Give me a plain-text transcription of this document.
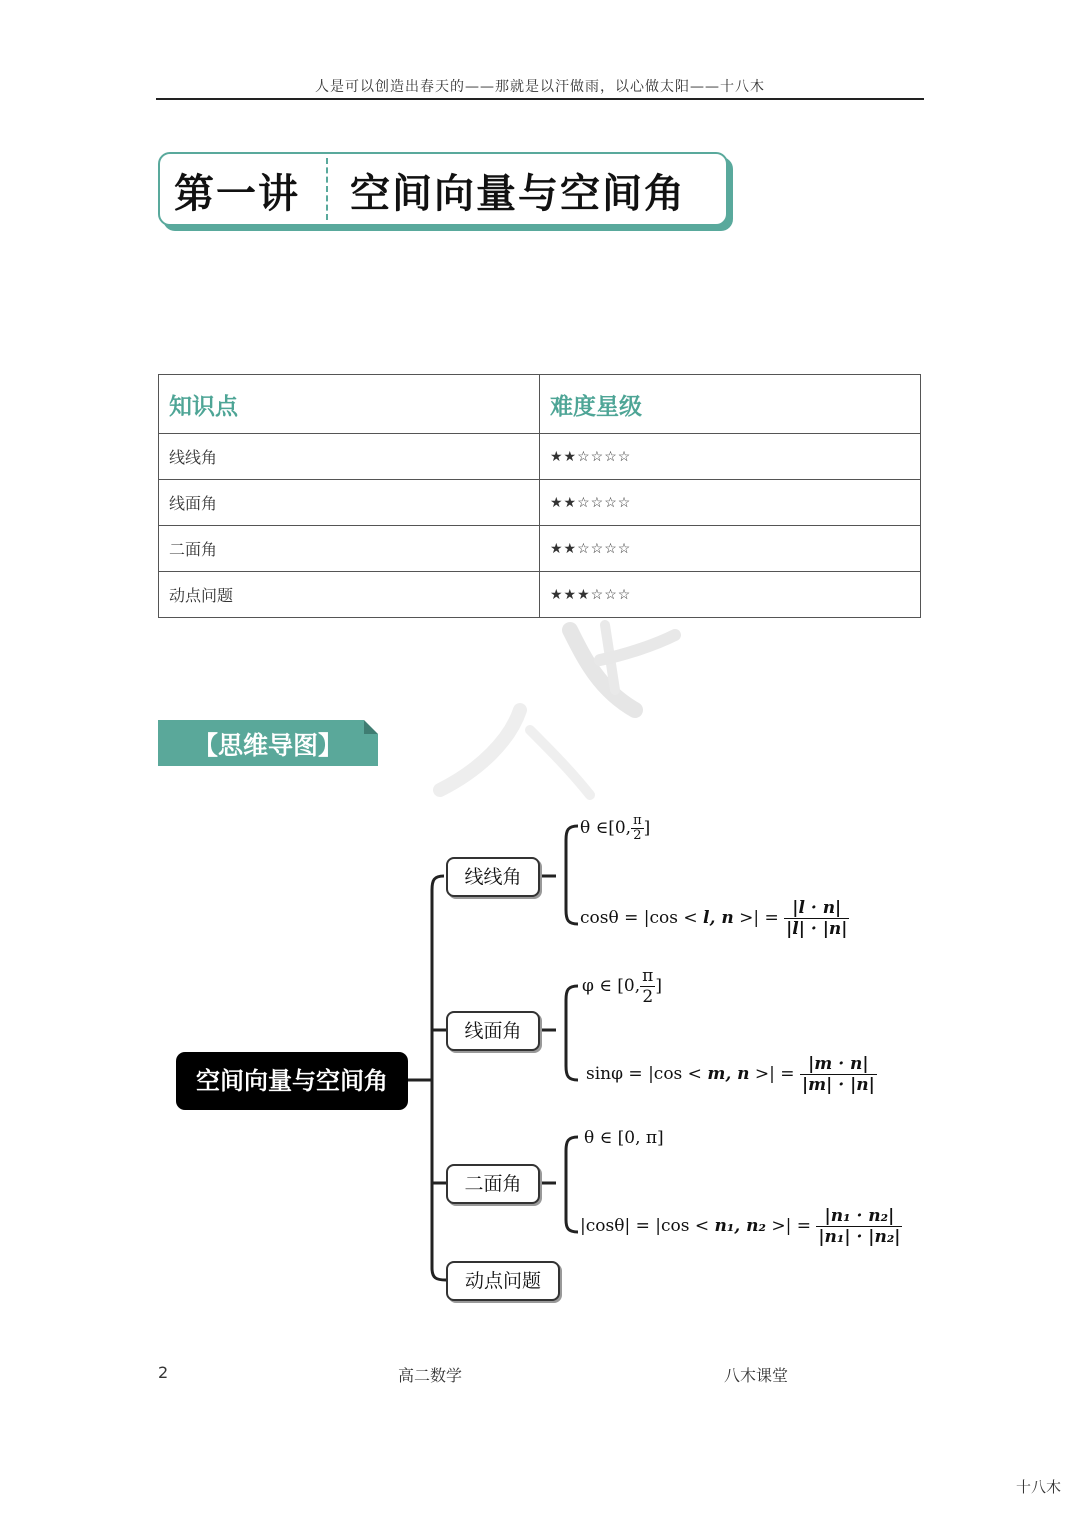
人是可以创造出春天的——那就是以汗做雨，以心做太阳——十八木
第一讲 空间向量与空间角
知识点	难度星级
线线角	★★☆☆☆☆
线面角	★★☆☆☆☆
二面角	★★☆☆☆☆
动点问题	★★★☆☆☆
【思维导图】
空间向量与空间角
线线角
线面角
二面角
动点问题
θ ∈[0, $\frac{\pi}{2}$ ]
cosθ = |cos < l, n >| = $\frac{|l \cdot n|}{|l| \cdot |n|}$
φ ∈ [0, $\frac{\pi}{2}$ ]
sinφ = |cos < m, n >| = $\frac{|m \cdot n|}{|m| \cdot |n|}$
θ ∈ [0, π]
|cosθ| = |cos < n₁, n₂ >| = $\frac{\text{|n₁ · n₂|}}{\text{|n₁| · |n₂|}}$
2	高二数学	八木课堂
十八木
